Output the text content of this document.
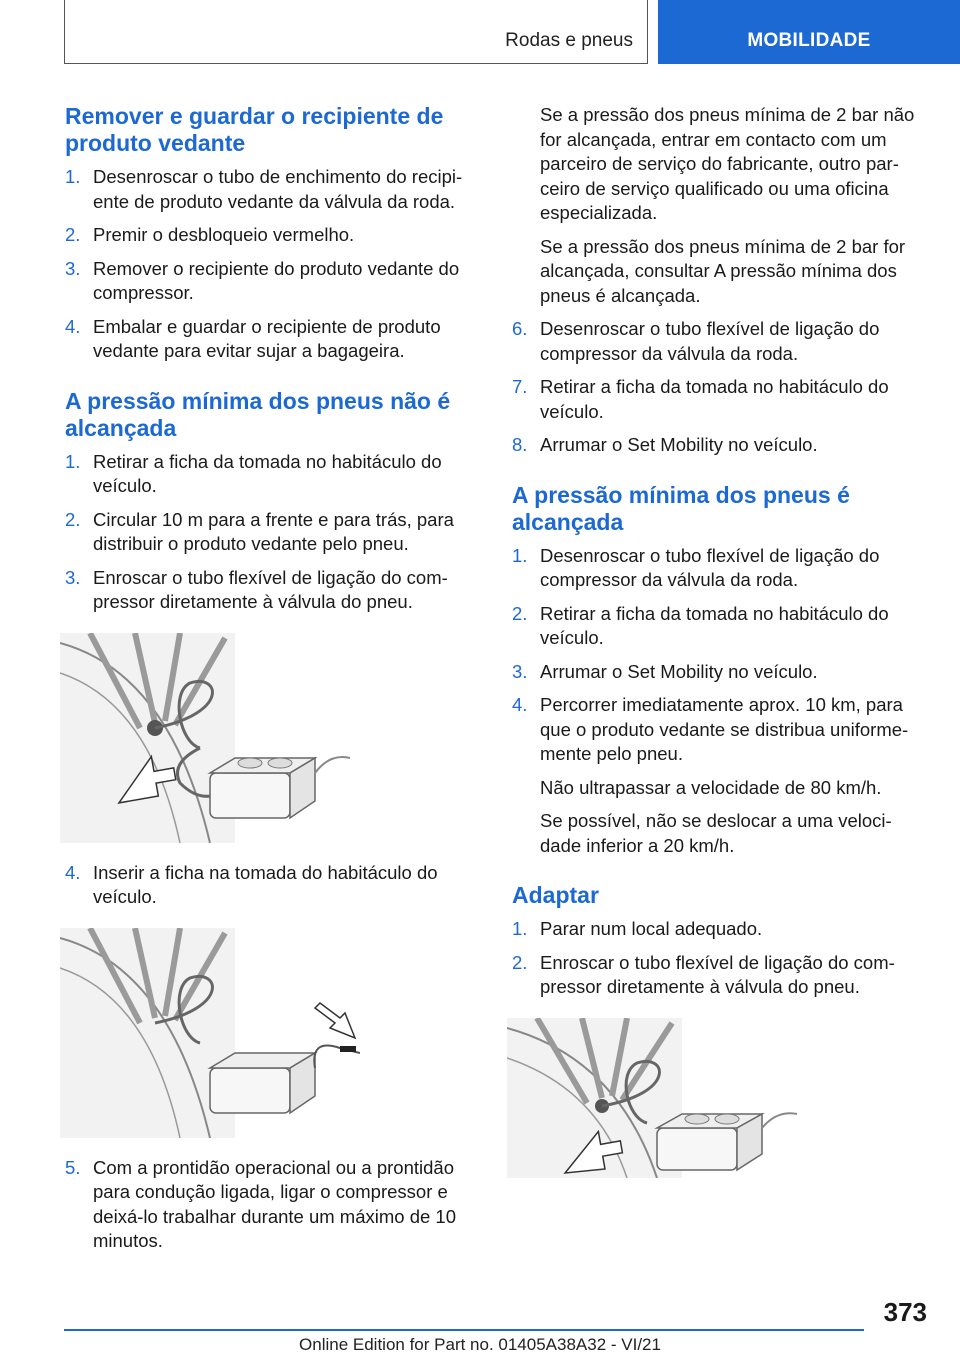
Rodas e pneus	MOBILIDADE
Remover e guardar o recipiente de produto vedante
1. Desenroscar o tubo de enchimento do recipi‐ente de produto vedante da válvula da roda.
2. Premir o desbloqueio vermelho.
3. Remover o recipiente do produto vedante do compressor.
4. Embalar e guardar o recipiente de produto vedante para evitar sujar a bagageira.
A pressão mínima dos pneus não é alcançada
1. Retirar a ficha da tomada no habitáculo do veículo.
2. Circular 10 m para a frente e para trás, para distribuir o produto vedante pelo pneu.
3. Enroscar o tubo flexível de ligação do com‐pressor diretamente à válvula do pneu.
4. Inserir a ficha na tomada do habitáculo do veículo.
5. Com a prontidão operacional ou a prontidão para condução ligada, ligar o compressor e deixá-lo trabalhar durante um máximo de 10 minutos.
Se a pressão dos pneus mínima de 2 bar não for alcançada, entrar em contacto com um parceiro de serviço do fabricante, outro par‐ceiro de serviço qualificado ou uma oficina especializada.
Se a pressão dos pneus mínima de 2 bar for alcançada, consultar A pressão mínima dos pneus é alcançada.
6. Desenroscar o tubo flexível de ligação do compressor da válvula da roda.
7. Retirar a ficha da tomada no habitáculo do veículo.
8. Arrumar o Set Mobility no veículo.
A pressão mínima dos pneus é alcançada
1. Desenroscar o tubo flexível de ligação do compressor da válvula da roda.
2. Retirar a ficha da tomada no habitáculo do veículo.
3. Arrumar o Set Mobility no veículo.
4. Percorrer imediatamente aprox. 10 km, para que o produto vedante se distribua uniforme‐mente pelo pneu.
Não ultrapassar a velocidade de 80 km/h.
Se possível, não se deslocar a uma veloci‐dade inferior a 20 km/h.
Adaptar
1. Parar num local adequado.
2. Enroscar o tubo flexível de ligação do com‐pressor diretamente à válvula do pneu.
373
Online Edition for Part no. 01405A38A32 - VI/21
